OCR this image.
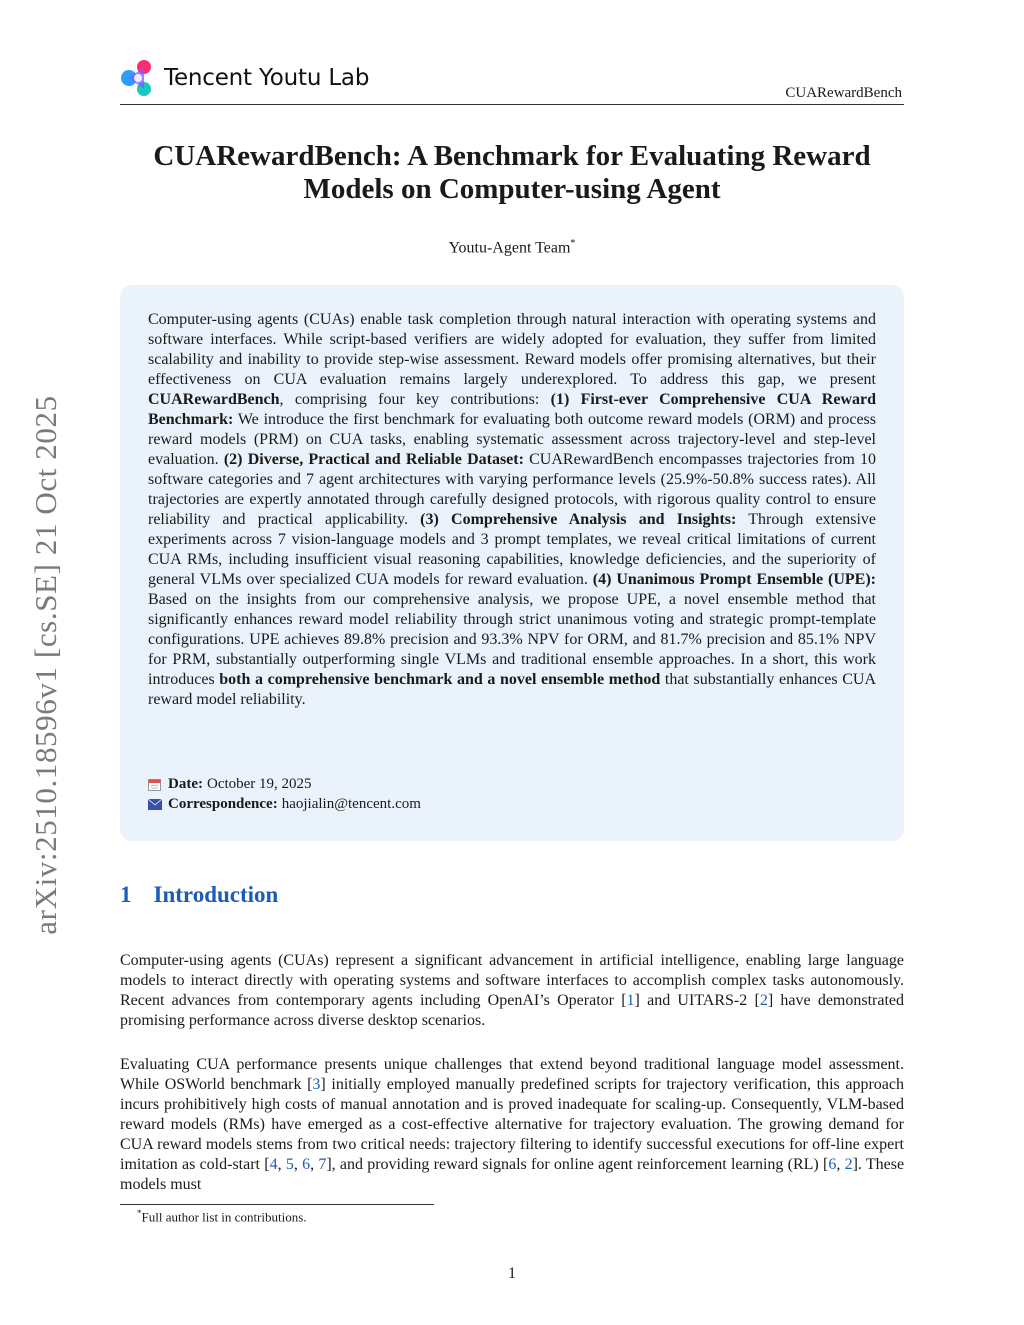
Tencent Youtu Lab
CUARewardBench
arXiv:2510.18596v1 [cs.SE] 21 Oct 2025
CUARewardBench: A Benchmark for Evaluating Reward
Models on Computer-using Agent
Youtu-Agent Team*
Computer-using agents (CUAs) enable task completion through natural interaction with operating systems and software interfaces. While script-based verifiers are widely adopted for evaluation, they suffer from limited scalability and inability to provide step-wise assessment. Reward models offer promising alternatives, but their effectiveness on CUA evaluation remains largely underexplored. To address this gap, we present CUARewardBench, comprising four key contributions: (1) First-ever Comprehensive CUA Reward Benchmark: We introduce the first benchmark for evaluating both outcome reward models (ORM) and process reward models (PRM) on CUA tasks, enabling systematic assessment across trajectory-level and step-level evaluation. (2) Diverse, Practical and Reliable Dataset: CUARewardBench encompasses trajectories from 10 software categories and 7 agent architectures with varying performance levels (25.9%-50.8% success rates). All trajectories are expertly annotated through carefully designed protocols, with rigorous quality control to ensure reliability and practical applicability. (3) Comprehensive Analysis and Insights: Through extensive experiments across 7 vision-language models and 3 prompt templates, we reveal critical limitations of current CUA RMs, including insufficient visual reasoning capabilities, knowledge deficiencies, and the superiority of general VLMs over specialized CUA models for reward evaluation. (4) Unanimous Prompt Ensemble (UPE): Based on the insights from our comprehensive analysis, we propose UPE, a novel ensemble method that significantly enhances reward model reliability through strict unanimous voting and strategic prompt-template configurations. UPE achieves 89.8% precision and 93.3% NPV for ORM, and 81.7% precision and 85.1% NPV for PRM, substantially outperforming single VLMs and traditional ensemble approaches. In a short, this work introduces both a comprehensive benchmark and a novel ensemble method that substantially enhances CUA reward model reliability.
Date: October 19, 2025
Correspondence: haojialin@tencent.com
1 Introduction
Computer-using agents (CUAs) represent a significant advancement in artificial intelligence, enabling large language models to interact directly with operating systems and software interfaces to accomplish complex tasks autonomously. Recent advances from contemporary agents including OpenAI’s Operator [1] and UITARS-2 [2] have demonstrated promising performance across diverse desktop scenarios.
Evaluating CUA performance presents unique challenges that extend beyond traditional language model assessment. While OSWorld benchmark [3] initially employed manually predefined scripts for trajectory verification, this approach incurs prohibitively high costs of manual annotation and is proved inadequate for scaling-up. Consequently, VLM-based reward models (RMs) have emerged as a cost-effective alternative for trajectory evaluation. The growing demand for CUA reward models stems from two critical needs: trajectory filtering to identify successful executions for off-line expert imitation as cold-start [4, 5, 6, 7], and providing reward signals for online agent reinforcement learning (RL) [6, 2]. These models must
*Full author list in contributions.
1
